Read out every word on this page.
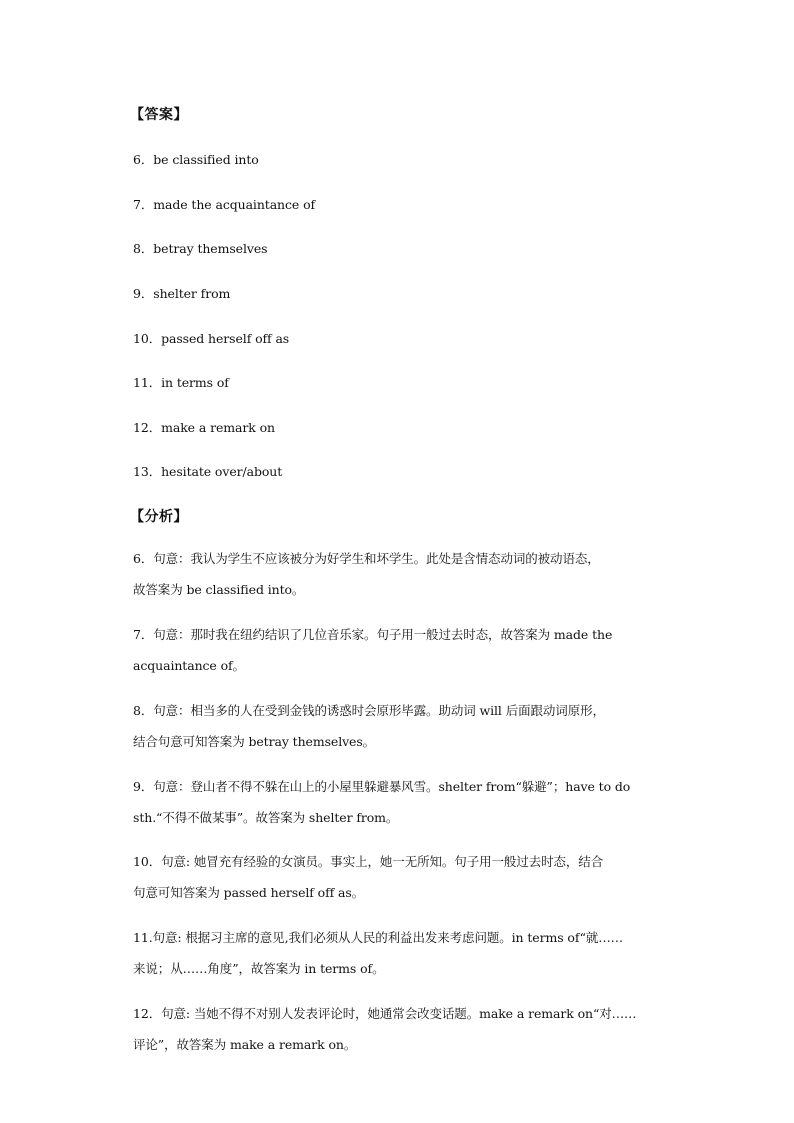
【答案】
6．be classified into
7．made the acquaintance of
8．betray themselves
9．shelter from
10．passed herself off as
11．in terms of
12．make a remark on
13．hesitate over/about
【分析】
6．句意：我认为学生不应该被分为好学生和坏学生。此处是含情态动词的被动语态，
故答案为 be classified into。
7．句意：那时我在纽约结识了几位音乐家。句子用一般过去时态，故答案为 made the
acquaintance of。
8．句意：相当多的人在受到金钱的诱惑时会原形毕露。助动词 will 后面跟动词原形，
结合句意可知答案为 betray themselves。
9．句意：登山者不得不躲在山上的小屋里躲避暴风雪。shelter from“躲避”；have to do
sth.“不得不做某事”。故答案为 shelter from。
10．句意: 她冒充有经验的女演员。事实上，她一无所知。句子用一般过去时态，结合
句意可知答案为 passed herself off as。
11.句意: 根据习主席的意见,我们必须从人民的利益出发来考虑问题。in terms of“就……
来说；从……角度”，故答案为 in terms of。
12．句意: 当她不得不对别人发表评论时，她通常会改变话题。make a remark on“对……
评论”，故答案为 make a remark on。
